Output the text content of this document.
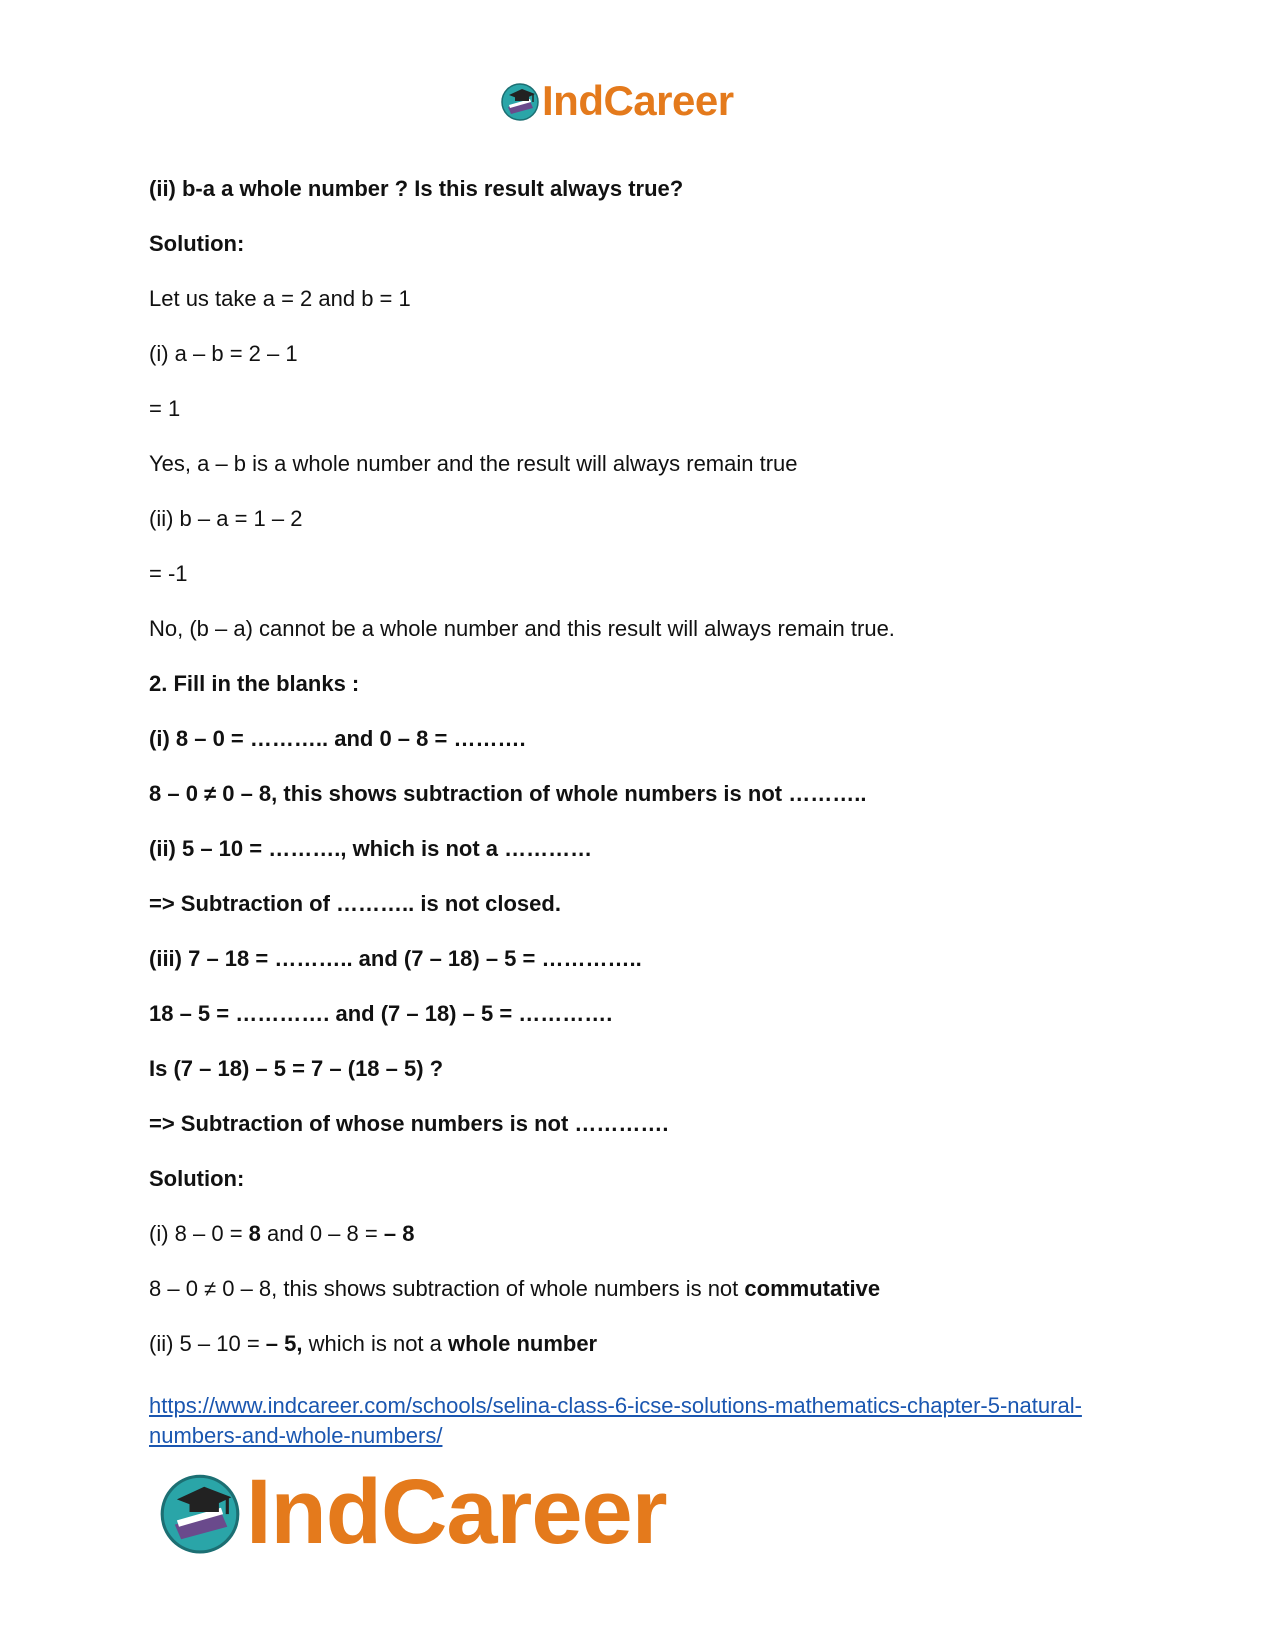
IndCareer
(ii) b-a a whole number ? Is this result always true?
Solution:
Let us take a = 2 and b = 1
(i) a – b = 2 – 1
= 1
Yes, a – b is a whole number and the result will always remain true
(ii) b – a = 1 – 2
= -1
No, (b – a) cannot be a whole number and this result will always remain true.
2. Fill in the blanks :
(i) 8 – 0 = ……….. and 0 – 8 = ……….
8 – 0 ≠ 0 – 8, this shows subtraction of whole numbers is not ………..
(ii) 5 – 10 = ………., which is not a …………
=> Subtraction of ……….. is not closed.
(iii) 7 – 18 = ……….. and (7 – 18) – 5 = …………..
18 – 5 = …………. and (7 – 18) – 5 = ………….
Is (7 – 18) – 5 = 7 – (18 – 5) ?
=> Subtraction of whose numbers is not ………….
Solution:
(i) 8 – 0 = 8 and 0 – 8 = – 8
8 – 0 ≠ 0 – 8, this shows subtraction of whole numbers is not commutative
(ii) 5 – 10 = – 5, which is not a whole number
https://www.indcareer.com/schools/selina-class-6-icse-solutions-mathematics-chapter-5-natural-
numbers-and-whole-numbers/
IndCareer
